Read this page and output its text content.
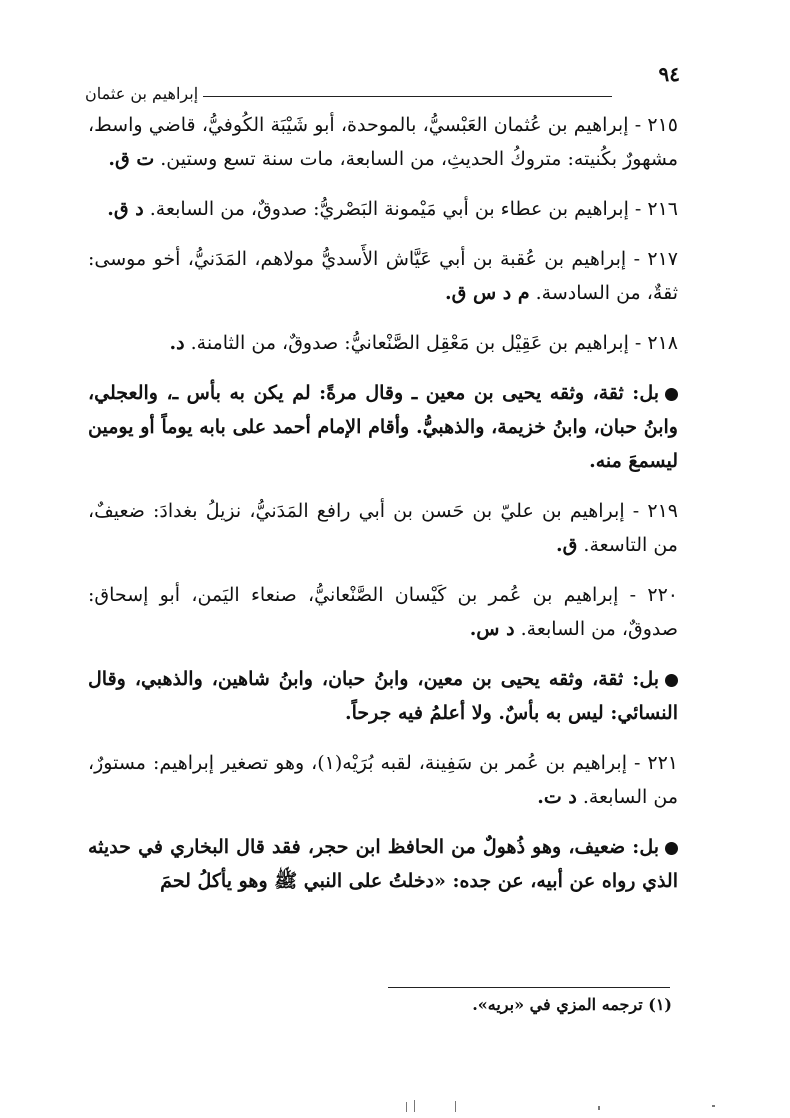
٩٤
إبراهيم بن عثمان

٢١٥ - إبراهيم بن عُثمان العَبْسيُّ، بالموحدة، أبو شَيْبَة الكُوفيُّ، قاضي واسط، مشهورٌ بكُنيته: متروكُ الحديثِ، من السابعة، مات سنة تسع وستين. ت ق.

٢١٦ - إبراهيم بن عطاء بن أبي مَيْمونة البَصْريُّ: صدوقٌ، من السابعة. د ق.

٢١٧ - إبراهيم بن عُقبة بن أبي عَيَّاش الأَسديُّ مولاهم، المَدَنيُّ، أخو موسى: ثقةٌ، من السادسة. م د س ق.

٢١٨ - إبراهيم بن عَقِيْل بن مَعْقِل الصَّنْعانيُّ: صدوقٌ، من الثامنة. د.

بل: ثقة، وثقه يحيى بن معين ـ وقال مرةً: لم يكن به بأس ـ، والعجلي، وابنُ حبان، وابنُ خزيمة، والذهبيُّ. وأقام الإمام أحمد على بابه يوماً أو يومين ليسمعَ منه.

٢١٩ - إبراهيم بن عليّ بن حَسن بن أبي رافع المَدَنيُّ، نزيلُ بغدادَ: ضعيفٌ، من التاسعة. ق.

٢٢٠ - إبراهيم بن عُمر بن كَيْسان الصَّنْعانيُّ، صنعاء اليَمن، أبو إسحاق: صدوقٌ، من السابعة. د س.

بل: ثقة، وثقه يحيى بن معين، وابنُ حبان، وابنُ شاهين، والذهبي، وقال النسائي: ليس به بأسٌ. ولا أعلمُ فيه جرحاً.

٢٢١ - إبراهيم بن عُمر بن سَفِينة، لقبه بُرَيْه(١)، وهو تصغير إبراهيم: مستورٌ، من السابعة. د ت.

بل: ضعيف، وهو ذُهولٌ من الحافظ ابن حجر، فقد قال البخاري في حديثه الذي رواه عن أبيه، عن جده: «دخلتُ على النبي ﷺ وهو يأكلُ لحمَ

(١) ترجمه المزي في «بريه».
